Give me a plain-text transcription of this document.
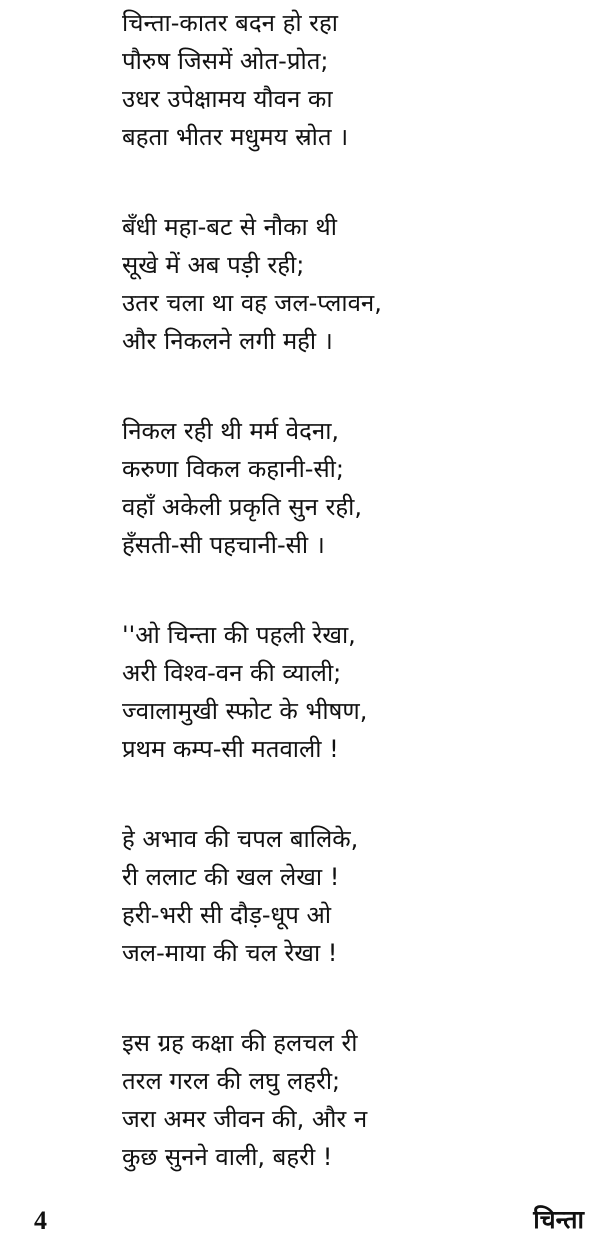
चिन्ता-कातर बदन हो रहा
पौरुष जिसमें ओत-प्रोत;
उधर उपेक्षामय यौवन का
बहता भीतर मधुमय स्रोत ।
बँधी महा-बट से नौका थी
सूखे में अब पड़ी रही;
उतर चला था वह जल-प्लावन,
और निकलने लगी मही ।
निकल रही थी मर्म वेदना,
करुणा विकल कहानी-सी;
वहाँ अकेली प्रकृति सुन रही,
हँसती-सी पहचानी-सी ।
''ओ चिन्ता की पहली रेखा,
अरी विश्व-वन की व्याली;
ज्वालामुखी स्फोट के भीषण,
प्रथम कम्प-सी मतवाली !
हे अभाव की चपल बालिके,
री ललाट की खल लेखा !
हरी-भरी सी दौड़-धूप ओ
जल-माया की चल रेखा !
इस ग्रह कक्षा की हलचल री
तरल गरल की लघु लहरी;
जरा अमर जीवन की, और न
कुछ सुनने वाली, बहरी !
4	चिन्ता
